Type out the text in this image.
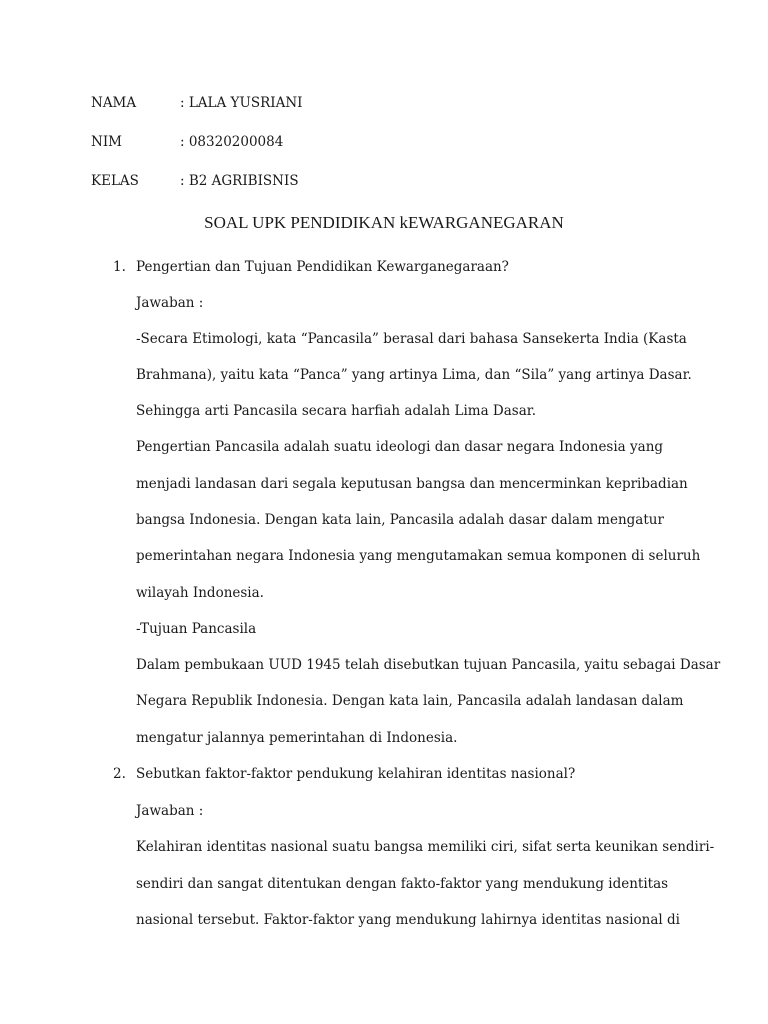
NAMA	: LALA YUSRIANI
NIM	: 08320200084
KELAS	: B2 AGRIBISNIS
SOAL UPK PENDIDIKAN kEWARGANEGARAN
1. Pengertian dan Tujuan Pendidikan Kewarganegaraan?
Jawaban :
-Secara Etimologi, kata “Pancasila” berasal dari bahasa Sansekerta India (Kasta
Brahmana), yaitu kata “Panca” yang artinya Lima, dan “Sila” yang artinya Dasar.
Sehingga arti Pancasila secara harfiah adalah Lima Dasar.
Pengertian Pancasila adalah suatu ideologi dan dasar negara Indonesia yang
menjadi landasan dari segala keputusan bangsa dan mencerminkan kepribadian
bangsa Indonesia. Dengan kata lain, Pancasila adalah dasar dalam mengatur
pemerintahan negara Indonesia yang mengutamakan semua komponen di seluruh
wilayah Indonesia.
-Tujuan Pancasila
Dalam pembukaan UUD 1945 telah disebutkan tujuan Pancasila, yaitu sebagai Dasar
Negara Republik Indonesia. Dengan kata lain, Pancasila adalah landasan dalam
mengatur jalannya pemerintahan di Indonesia.
2. Sebutkan faktor-faktor pendukung kelahiran identitas nasional?
Jawaban :
Kelahiran identitas nasional suatu bangsa memiliki ciri, sifat serta keunikan sendiri-
sendiri dan sangat ditentukan dengan fakto-faktor yang mendukung identitas
nasional tersebut. Faktor-faktor yang mendukung lahirnya identitas nasional di
